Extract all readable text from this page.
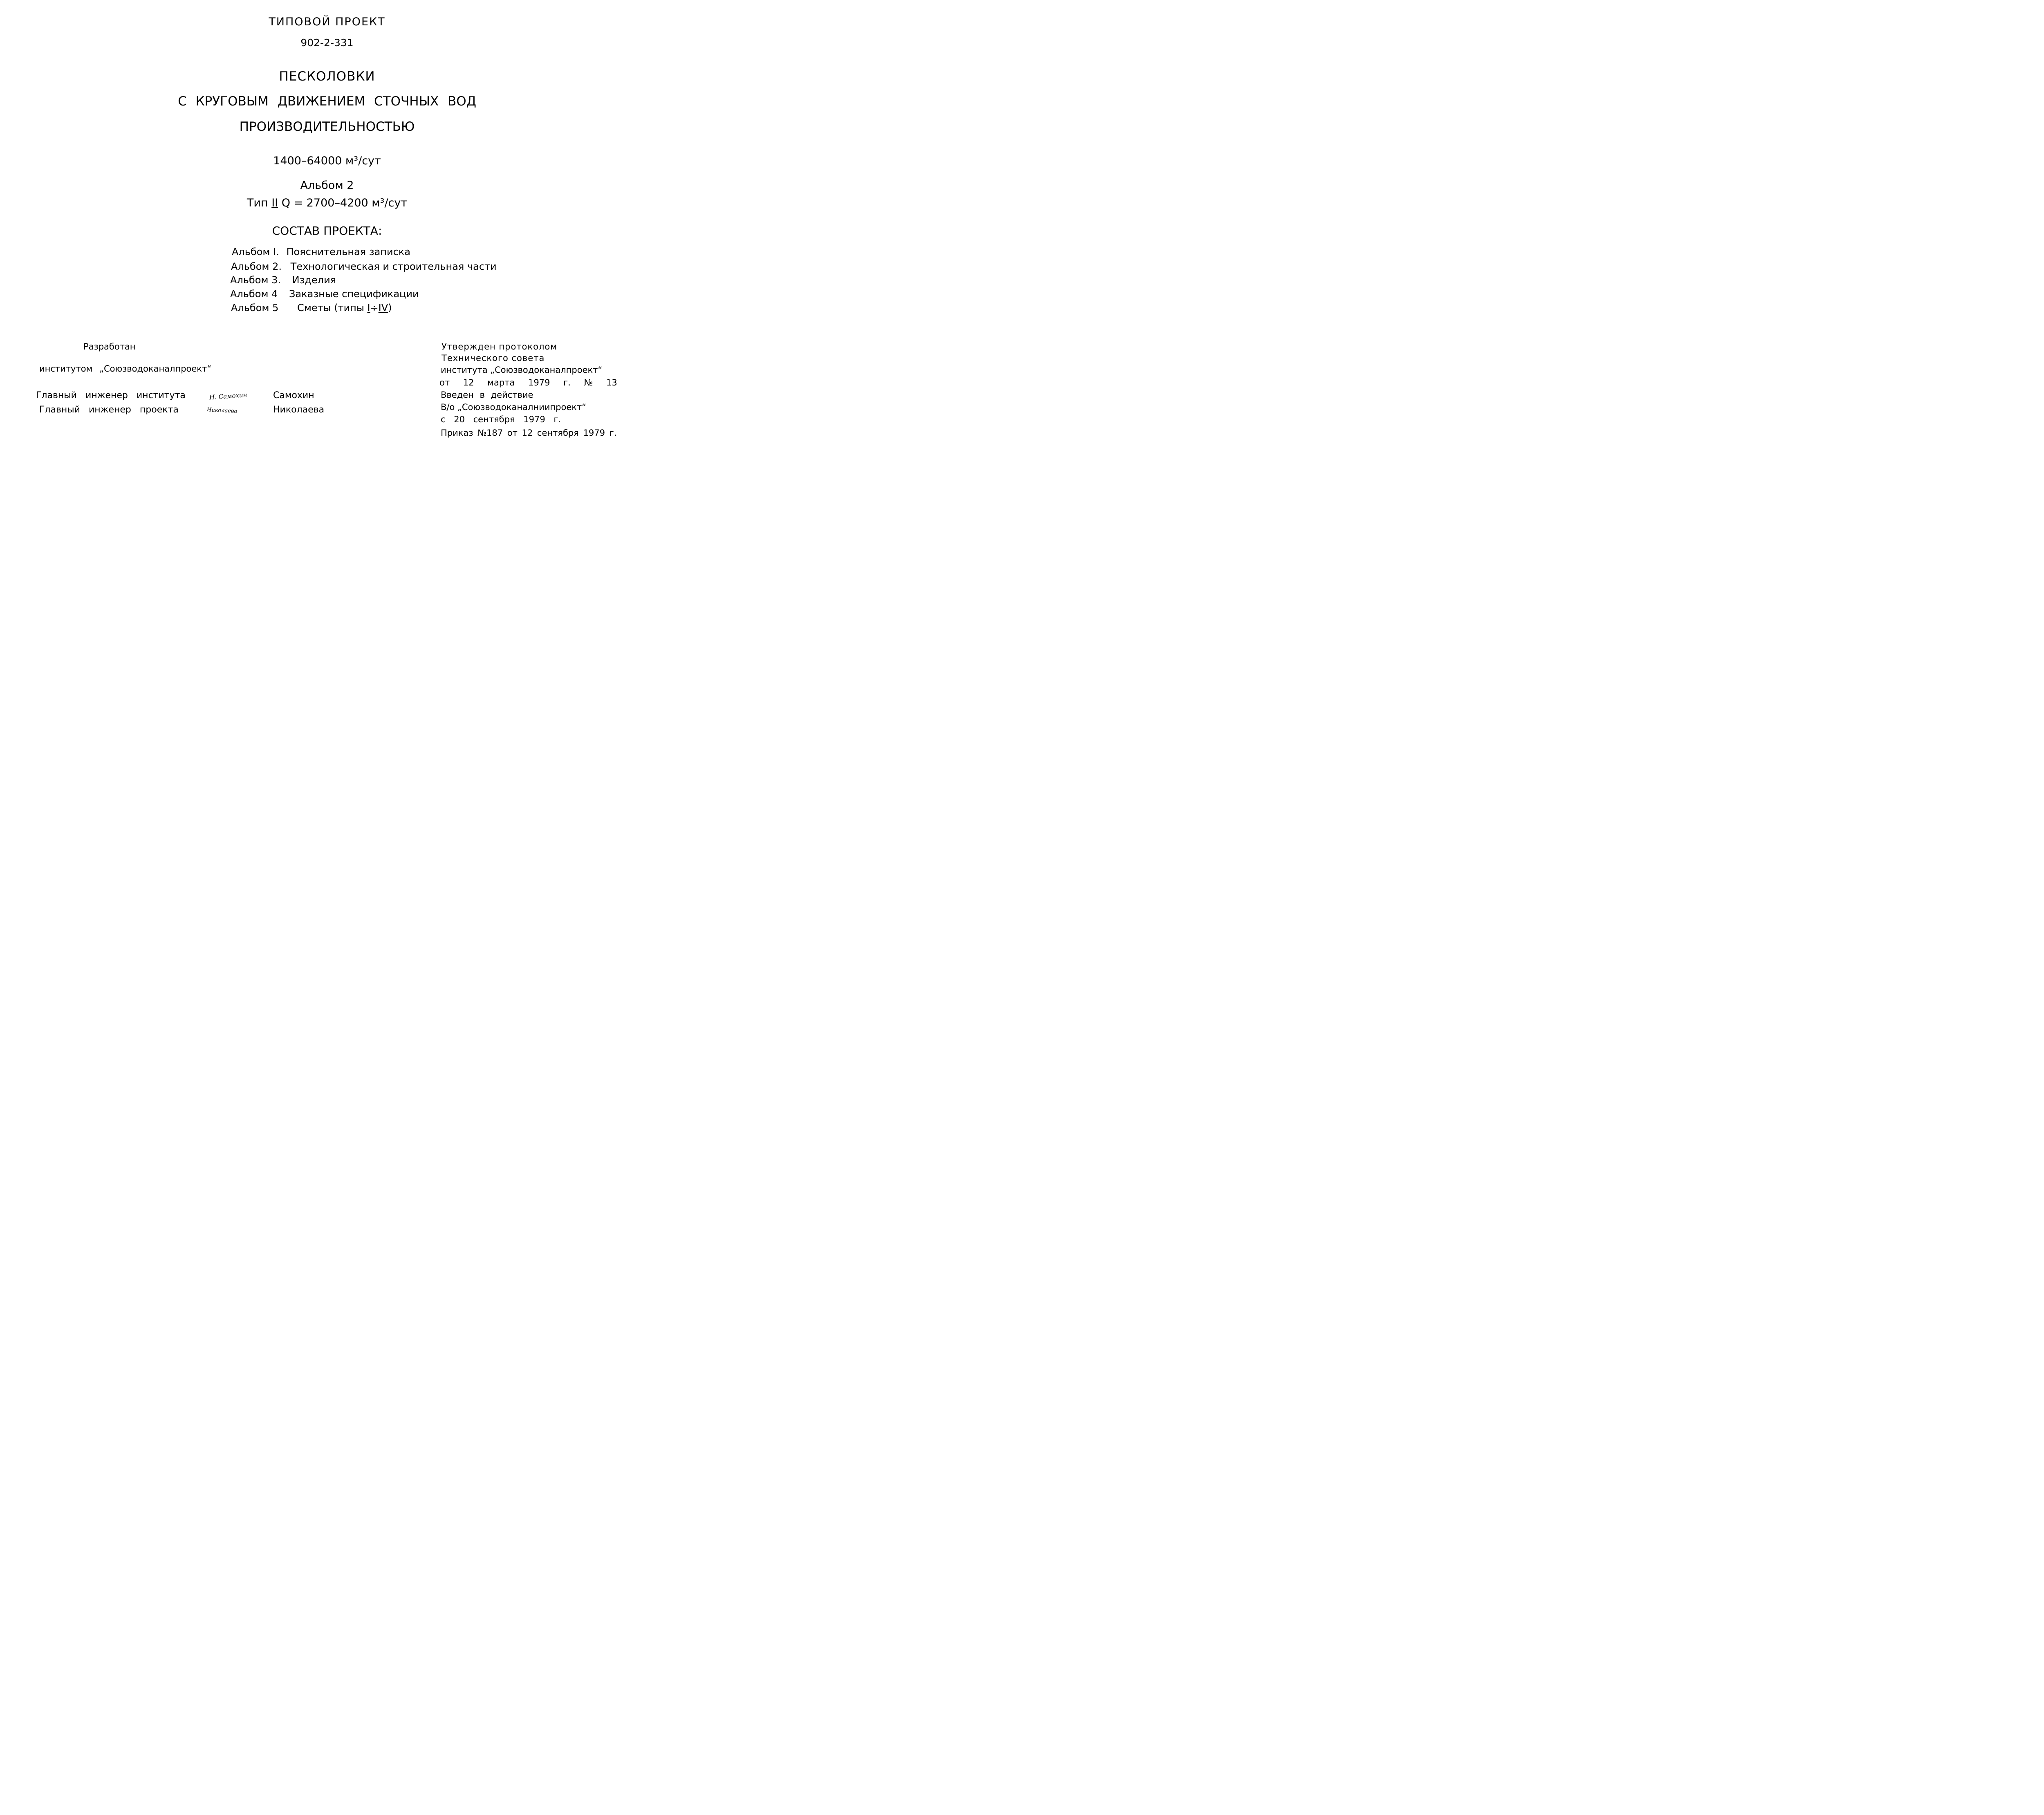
ТИПОВОЙ ПРОЕКТ
902-2-331
ПЕСКОЛОВКИ
С КРУГОВЫМ ДВИЖЕНИЕМ СТОЧНЫХ ВОД
ПРОИЗВОДИТЕЛЬНОСТЬЮ
1400–64000 м³/сут
Альбом 2
Тип II Q = 2700–4200 м³/сут
СОСТАВ ПРОЕКТА:
Альбом I. Пояснительная записка
Альбом 2. Технологическая и строительная части
Альбом 3. Изделия
Альбом 4 Заказные спецификации
Альбом 5 Сметы (типы I÷IV)
Разработан
институтом „Союзводоканалпроект“
Главный инженер института	Н. Самохин	Самохин
Главный инженер проекта	Николаева	Николаева
Утвержден протоколом
Технического совета
института „Союзводоканалпроект“
от 12 марта 1979 г. № 13
Введен в действие
В/о „Союзводоканалниипроект“
с 20 сентября 1979 г.
Приказ №187 от 12 сентября 1979 г.
